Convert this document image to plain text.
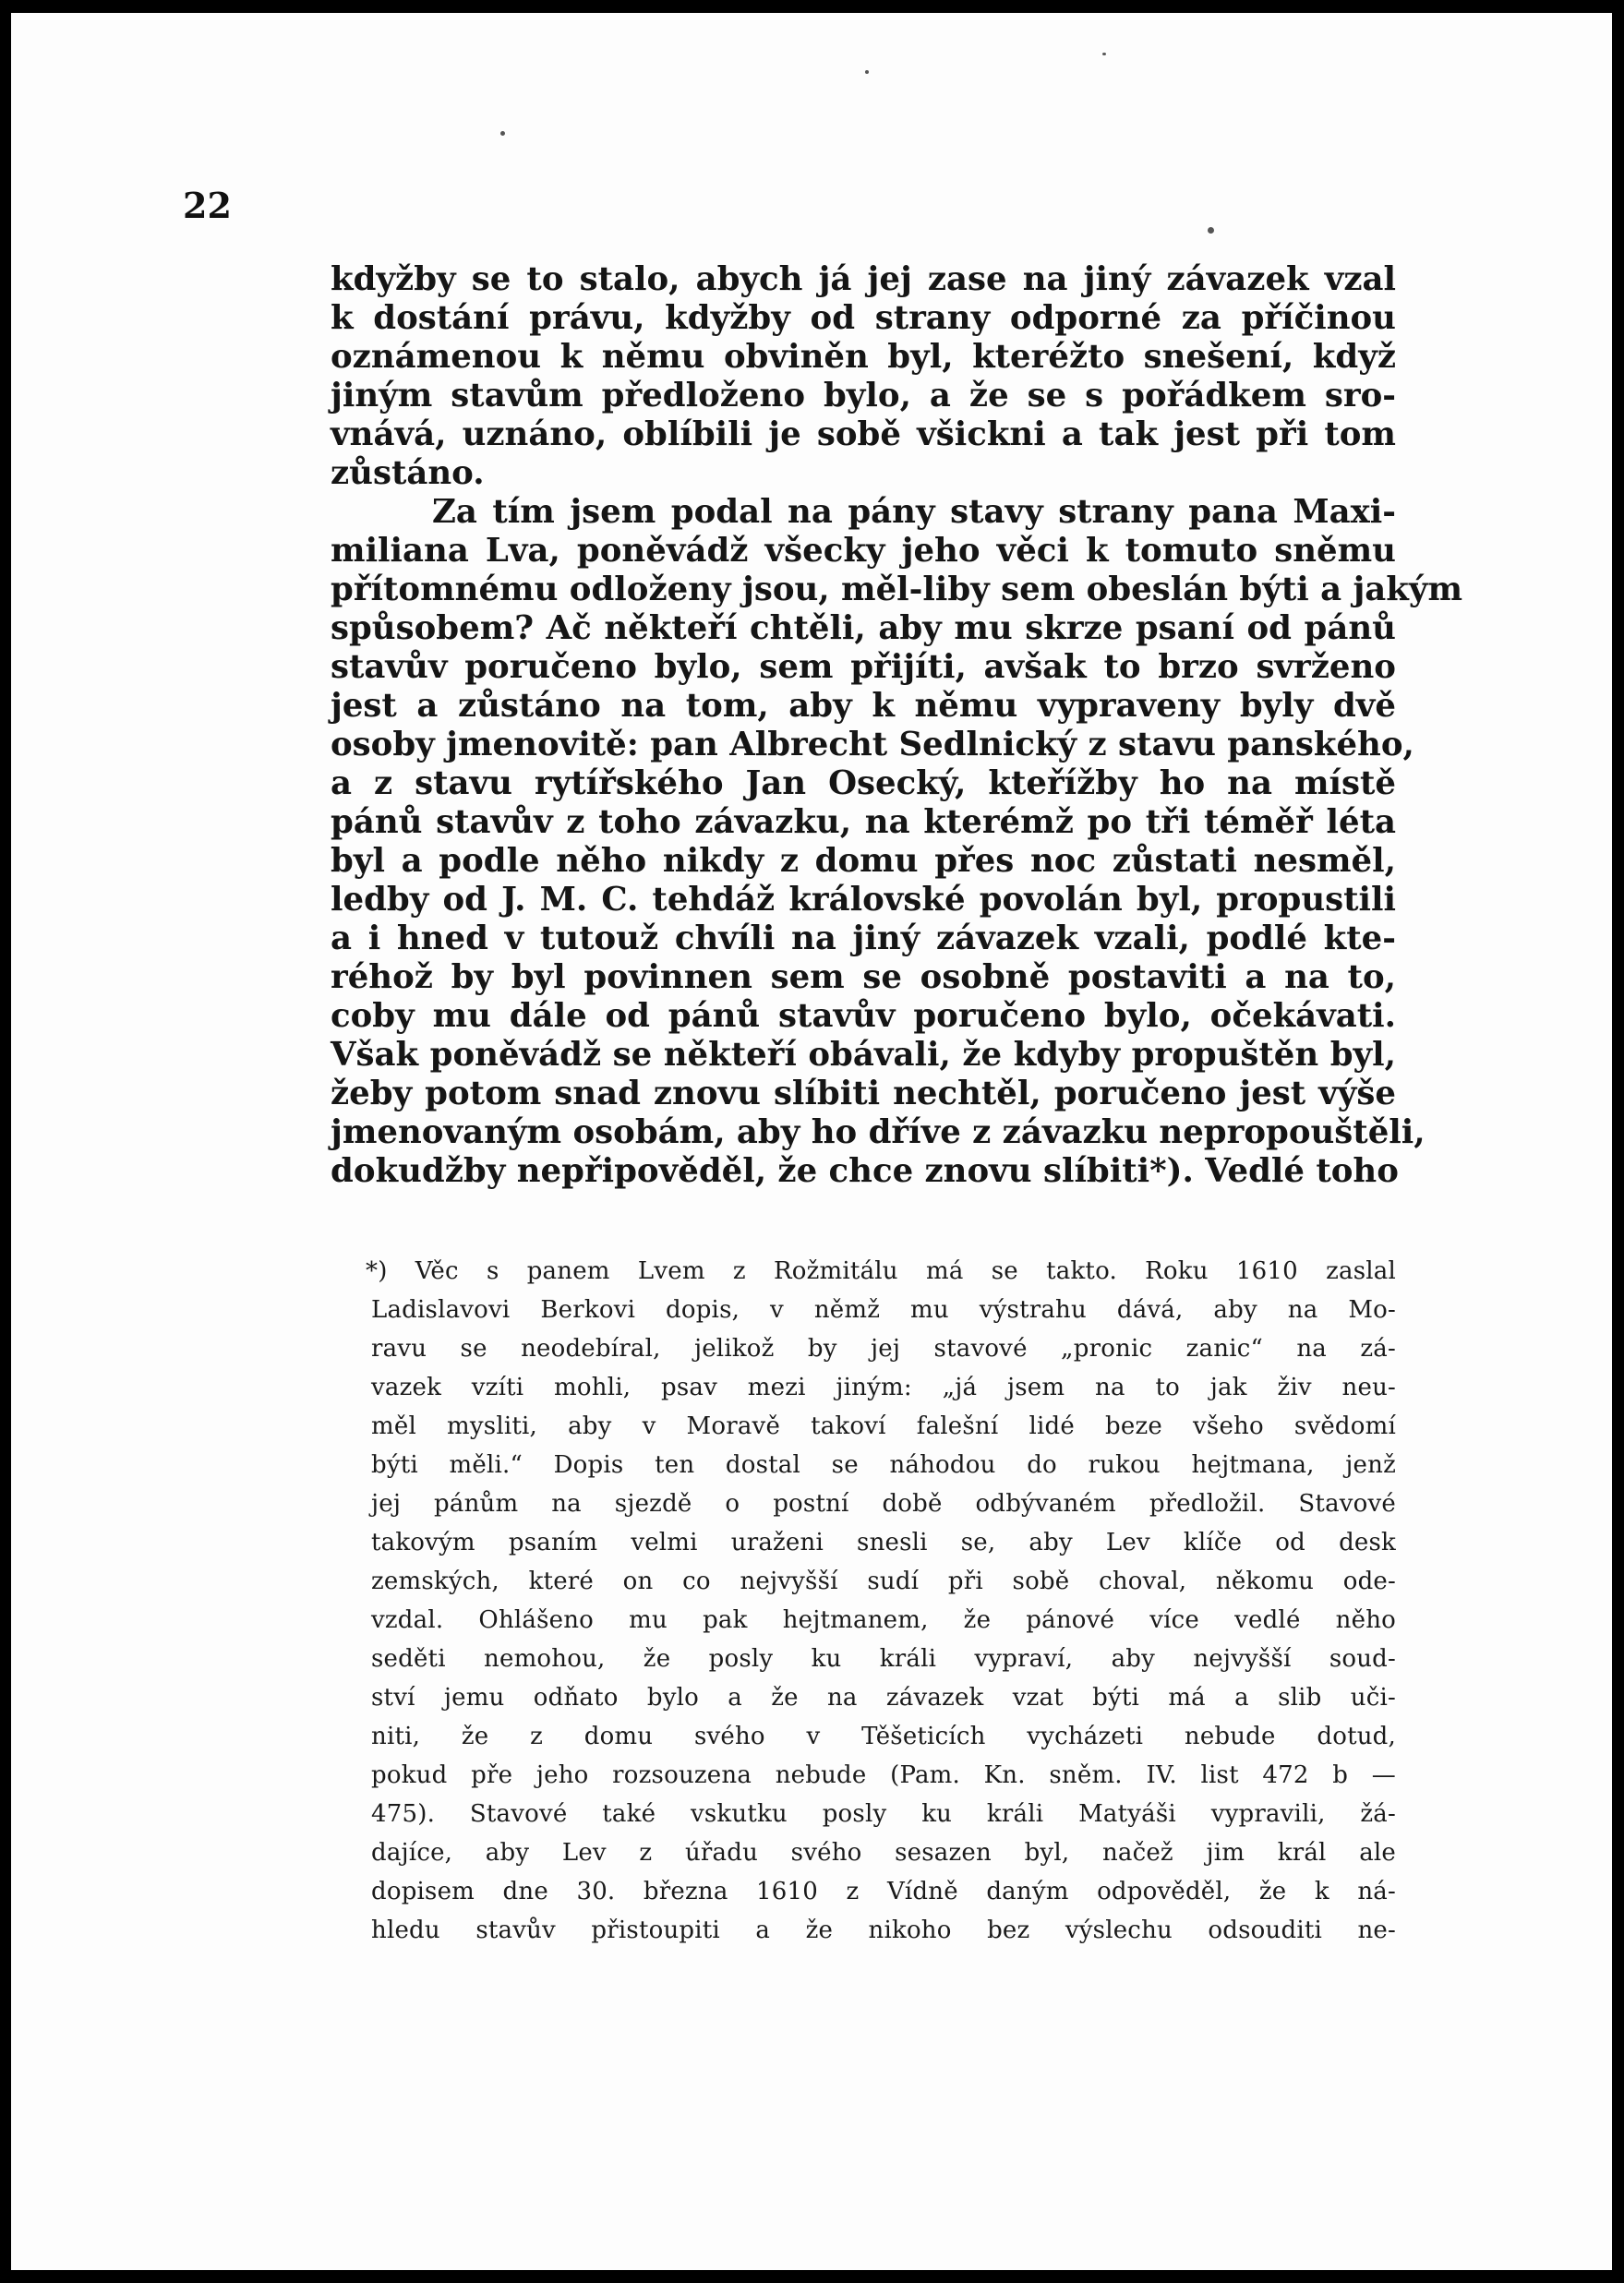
22
kdyžby se to stalo, abych já jej zase na jiný závazek vzal
k dostání právu, kdyžby od strany odporné za příčinou
oznámenou k němu obviněn byl, kteréžto snešení, když
jiným stavům předloženo bylo, a že se s pořádkem sro-
vnává, uznáno, oblíbili je sobě všickni a tak jest při tom
zůstáno.
Za tím jsem podal na pány stavy strany pana Maxi-
miliana Lva, poněvádž všecky jeho věci k tomuto sněmu
přítomnému odloženy jsou, měl-liby sem obeslán býti a jakým
spůsobem? Ač někteří chtěli, aby mu skrze psaní od pánů
stavův poručeno bylo, sem přijíti, avšak to brzo svrženo
jest a zůstáno na tom, aby k němu vypraveny byly dvě
osoby jmenovitě: pan Albrecht Sedlnický z stavu panského,
a z stavu rytířského Jan Osecký, kteřížby ho na místě
pánů stavův z toho závazku, na kterémž po tři téměř léta
byl a podle něho nikdy z domu přes noc zůstati nesměl,
ledby od J. M. C. tehdáž královské povolán byl, propustili
a i hned v tutouž chvíli na jiný závazek vzali, podlé kte-
réhož by byl povinnen sem se osobně postaviti a na to,
coby mu dále od pánů stavův poručeno bylo, očekávati.
Však poněvádž se někteří obávali, že kdyby propuštěn byl,
žeby potom snad znovu slíbiti nechtěl, poručeno jest výše
jmenovaným osobám, aby ho dříve z závazku nepropouštěli,
dokudžby nepřipověděl, že chce znovu slíbiti*). Vedlé toho
*) Věc s panem Lvem z Rožmitálu má se takto. Roku 1610 zaslal
Ladislavovi Berkovi dopis, v němž mu výstrahu dává, aby na Mo-
ravu se neodebíral, jelikož by jej stavové „pronic zanic“ na zá-
vazek vzíti mohli, psav mezi jiným: „já jsem na to jak živ neu-
měl mysliti, aby v Moravě takoví falešní lidé beze všeho svědomí
býti měli.“ Dopis ten dostal se náhodou do rukou hejtmana, jenž
jej pánům na sjezdě o postní době odbývaném předložil. Stavové
takovým psaním velmi uraženi snesli se, aby Lev klíče od desk
zemských, které on co nejvyšší sudí při sobě choval, někomu ode-
vzdal. Ohlášeno mu pak hejtmanem, že pánové více vedlé něho
seděti nemohou, že posly ku králi vypraví, aby nejvyšší soud-
ství jemu odňato bylo a že na závazek vzat býti má a slib uči-
niti, že z domu svého v Těšeticích vycházeti nebude dotud,
pokud pře jeho rozsouzena nebude (Pam. Kn. sněm. IV. list 472 b —
475). Stavové také vskutku posly ku králi Matyáši vypravili, žá-
dajíce, aby Lev z úřadu svého sesazen byl, načež jim král ale
dopisem dne 30. března 1610 z Vídně daným odpověděl, že k ná-
hledu stavův přistoupiti a že nikoho bez výslechu odsouditi ne-
